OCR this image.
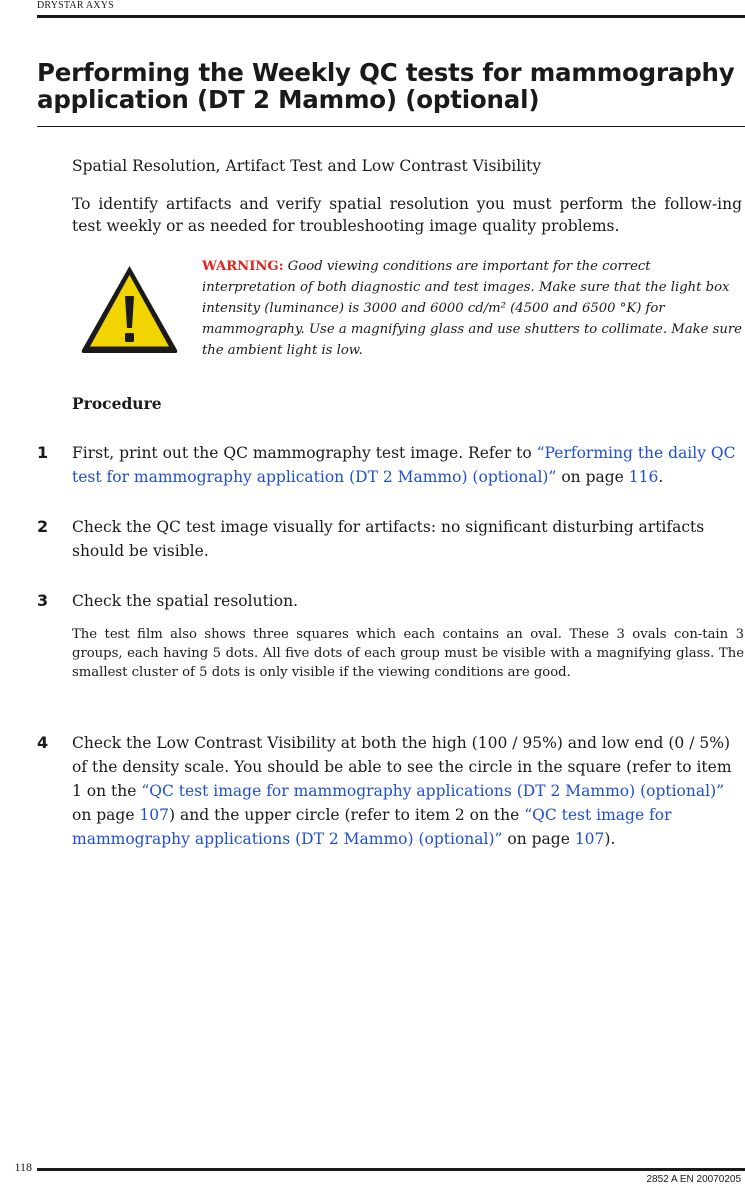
DRYSTAR AXYS
Performing the Weekly QC tests for mammography application (DT 2 Mammo) (optional)

Spatial Resolution, Artifact Test and Low Contrast Visibility

To identify artifacts and verify spatial resolution you must perform the follow-ing test weekly or as needed for troubleshooting image quality problems.

WARNING: Good viewing conditions are important for the correct interpretation of both diagnostic and test images. Make sure that the light box intensity (luminance) is 3000 and 6000 cd/m² (4500 and 6500 °K) for mammography. Use a magnifying glass and use shutters to collimate. Make sure the ambient light is low.

Procedure
1 First, print out the QC mammography test image. Refer to “Performing the daily QC test for mammography application (DT 2 Mammo) (optional)” on page 116.

2 Check the QC test image visually for artifacts: no significant disturbing artifacts should be visible.

3 Check the spatial resolution.

The test film also shows three squares which each contains an oval. These 3 ovals con-tain 3 groups, each having 5 dots. All five dots of each group must be visible with a magnifying glass. The smallest cluster of 5 dots is only visible if the viewing conditions are good.

4 Check the Low Contrast Visibility at both the high (100 / 95%) and low end (0 / 5%) of the density scale. You should be able to see the circle in the square (refer to item 1 on the “QC test image for mammography applications (DT 2 Mammo) (optional)” on page 107) and the upper circle (refer to item 2 on the “QC test image for mammography applications (DT 2 Mammo) (optional)” on page 107).

118
2852 A EN 20070205
